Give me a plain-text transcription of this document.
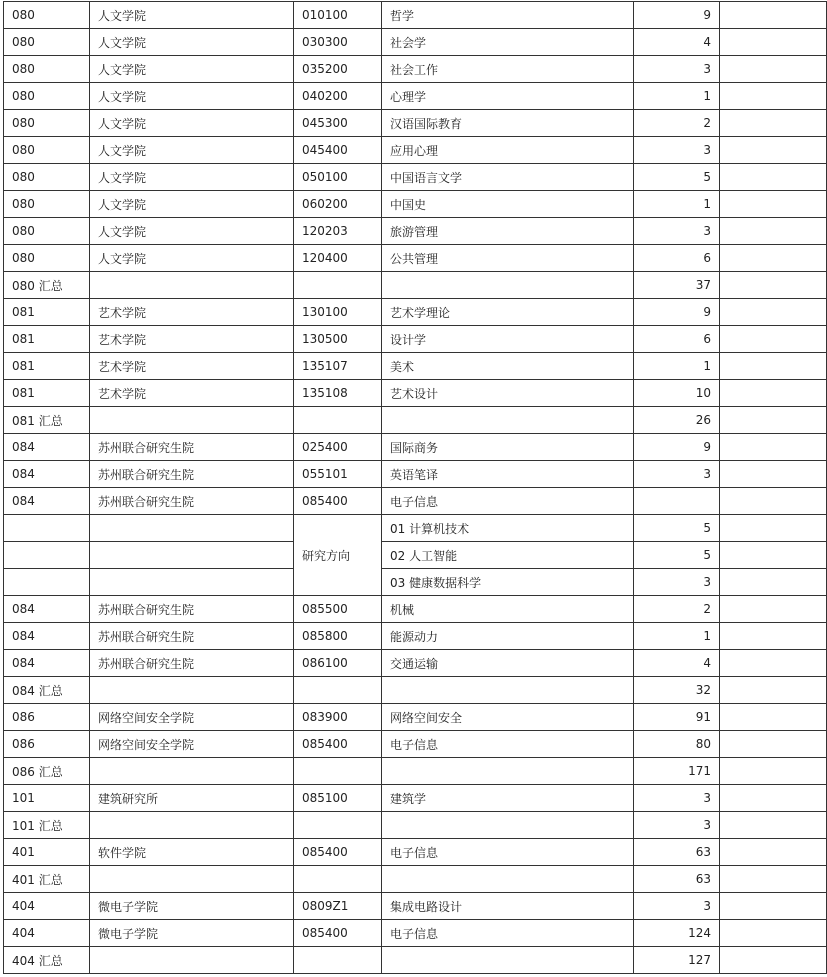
080	人文学院	010100	哲学	9	
080	人文学院	030300	社会学	4	
080	人文学院	035200	社会工作	3	
080	人文学院	040200	心理学	1	
080	人文学院	045300	汉语国际教育	2	
080	人文学院	045400	应用心理	3	
080	人文学院	050100	中国语言文学	5	
080	人文学院	060200	中国史	1	
080	人文学院	120203	旅游管理	3	
080	人文学院	120400	公共管理	6	
080 汇总				37	
081	艺术学院	130100	艺术学理论	9	
081	艺术学院	130500	设计学	6	
081	艺术学院	135107	美术	1	
081	艺术学院	135108	艺术设计	10	
081 汇总				26	
084	苏州联合研究生院	025400	国际商务	9	
084	苏州联合研究生院	055101	英语笔译	3	
084	苏州联合研究生院	085400	电子信息		
		研究方向	01 计算机技术	5	
			02 人工智能	5	
			03 健康数据科学	3	
084	苏州联合研究生院	085500	机械	2	
084	苏州联合研究生院	085800	能源动力	1	
084	苏州联合研究生院	086100	交通运输	4	
084 汇总				32	
086	网络空间安全学院	083900	网络空间安全	91	
086	网络空间安全学院	085400	电子信息	80	
086 汇总				171	
101	建筑研究所	085100	建筑学	3	
101 汇总				3	
401	软件学院	085400	电子信息	63	
401 汇总				63	
404	微电子学院	0809Z1	集成电路设计	3	
404	微电子学院	085400	电子信息	124	
404 汇总				127	
